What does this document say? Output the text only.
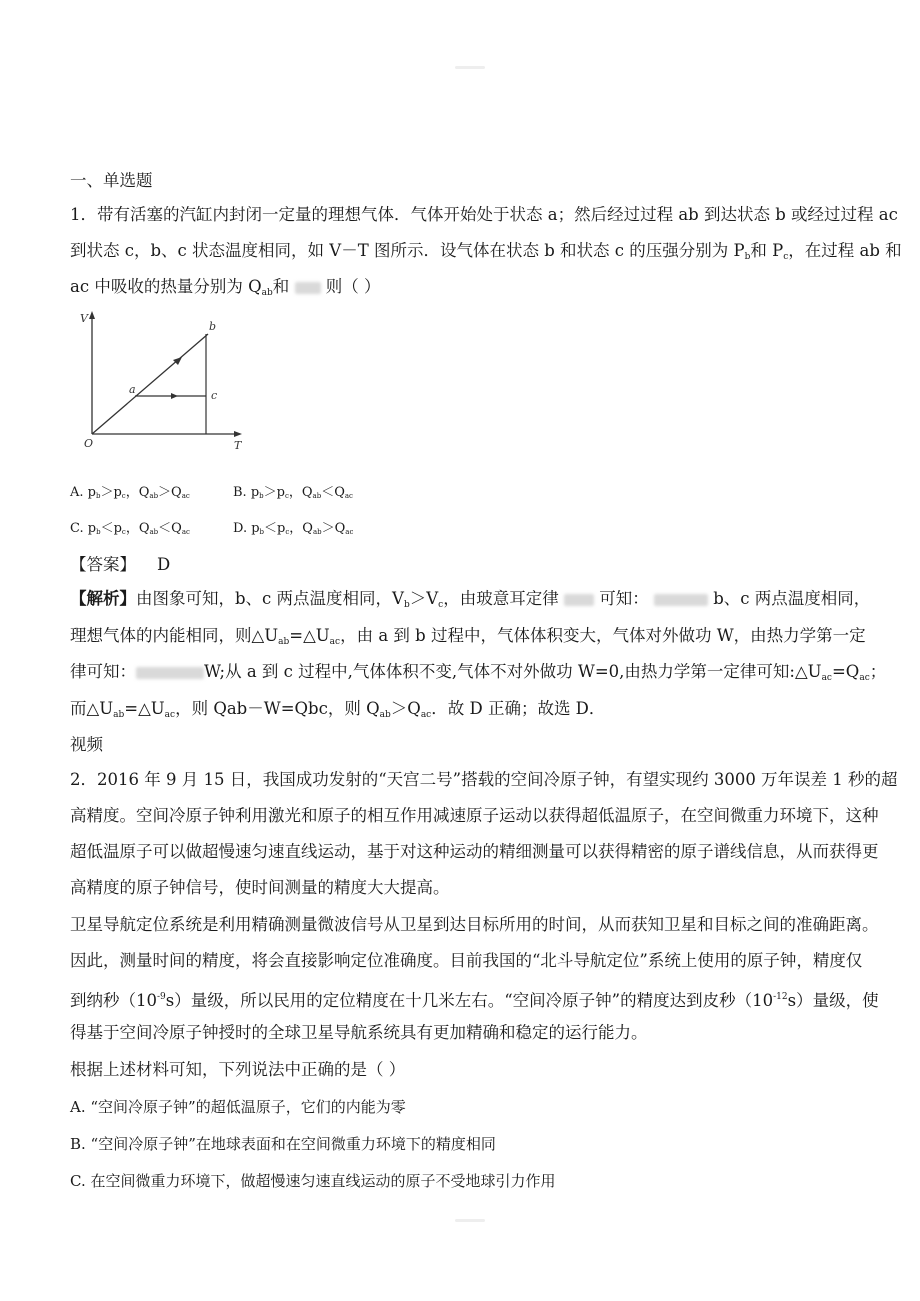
一、单选题
1．带有活塞的汽缸内封闭一定量的理想气体．气体开始处于状态 a；然后经过过程 ab 到达状态 b 或经过过程 ac
到状态 c，b、c 状态温度相同，如 V－T 图所示．设气体在状态 b 和状态 c 的压强分别为 $P_b$和 $P_c$，在过程 ab 和
ac 中吸收的热量分别为 $Q_{ab}$和 则（ ）
V
T
O
a
b
c
A. $p_b>p_c$，$Q_{ab}>Q_{ac}$	B. $p_b>p_c$，$Q_{ab}<Q_{ac}$
C. $p_b<p_c$，$Q_{ab}<Q_{ac}$	D. $p_b<p_c$，$Q_{ab}>Q_{ac}$
【答案】 D
【解析】由图象可知，b、c 两点温度相同，$V_b>V_c$，由玻意耳定律 可知：	b、c 两点温度相同，
理想气体的内能相同，则$\triangle U_{ab}=\triangle U_{ac}$，由 a 到 b 过程中，气体体积变大，气体对外做功 W，由热力学第一定
律可知：	W;从 a 到 c 过程中,气体体积不变,气体不对外做功 W=0,由热力学第一定律可知$:\triangle U_{ac}=Q_{ac}$；
而$\triangle U_{ab}=\triangle U_{ac}$，则 Qab－W=Qbc，则 $Q_{ab}>Q_{ac}$．故 D 正确；故选 D．
视频
2．2016 年 9 月 15 日，我国成功发射的“天宫二号”搭载的空间冷原子钟，有望实现约 3000 万年误差 1 秒的超
高精度。空间冷原子钟利用激光和原子的相互作用减速原子运动以获得超低温原子，在空间微重力环境下，这种
超低温原子可以做超慢速匀速直线运动，基于对这种运动的精细测量可以获得精密的原子谱线信息，从而获得更
高精度的原子钟信号，使时间测量的精度大大提高。
卫星导航定位系统是利用精确测量微波信号从卫星到达目标所用的时间，从而获知卫星和目标之间的准确距离。
因此，测量时间的精度，将会直接影响定位准确度。目前我国的“北斗导航定位”系统上使用的原子钟，精度仅
到纳秒$(10^{-9}s)$量级，所以民用的定位精度在十几米左右。“空间冷原子钟”的精度达到皮秒$(10^{-12}s)$量级，使
得基于空间冷原子钟授时的全球卫星导航系统具有更加精确和稳定的运行能力。
根据上述材料可知，下列说法中正确的是（ ）
A. “空间冷原子钟”的超低温原子，它们的内能为零
B. “空间冷原子钟”在地球表面和在空间微重力环境下的精度相同
C. 在空间微重力环境下，做超慢速匀速直线运动的原子不受地球引力作用
